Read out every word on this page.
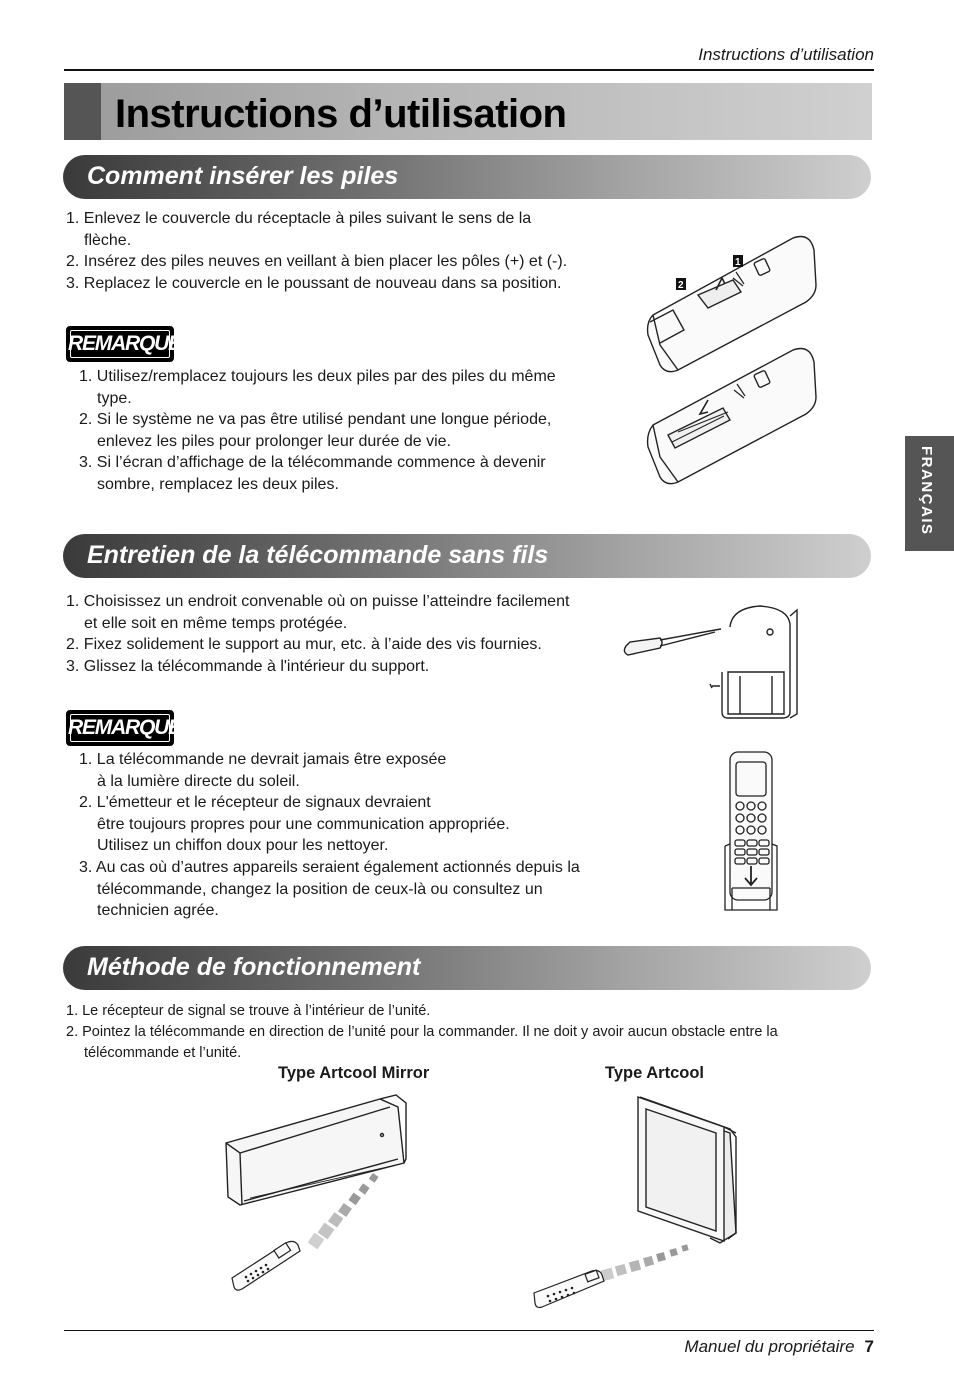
Instructions d’utilisation
Instructions d’utilisation
Comment insérer les piles

1. Enlevez le couvercle du réceptacle à piles suivant le sens de la

flèche.

2. Insérez des piles neuves en veillant à bien placer les pôles (+) et (-).

3. Replacez le couvercle en le poussant de nouveau dans sa position.

REMARQUE

1. Utilisez/remplacez toujours les deux piles par des piles du même

type.

2. Si le système ne va pas être utilisé pendant une longue période,

enlevez les piles pour prolonger leur durée de vie.

3. Si l’écran d’affichage de la télécommande commence à devenir

sombre, remplacez les deux piles.

1
2
FRANÇAIS
Entretien de la télécommande sans fils

1. Choisissez un endroit convenable où on puisse l’atteindre facilement

et elle soit en même temps protégée.

2. Fixez solidement le support au mur, etc. à l’aide des vis fournies.

3. Glissez la télécommande à l'intérieur du support.

REMARQUE

1. La télécommande ne devrait jamais être exposée

à la lumière directe du soleil.

2. L'émetteur et le récepteur de signaux devraient

être toujours propres pour une communication appropriée.

Utilisez un chiffon doux pour les nettoyer.

3. Au cas où d’autres appareils seraient également actionnés depuis la

télécommande, changez la position de ceux-là ou consultez un

technicien agrée.

Méthode de fonctionnement

1. Le récepteur de signal se trouve à l’intérieur de l’unité.

2. Pointez la télécommande en direction de l’unité pour la commander. Il ne doit y avoir aucun obstacle entre la

télécommande et l’unité.

Type Artcool Mirror	Type Artcool
Manuel du propriétaire 7
